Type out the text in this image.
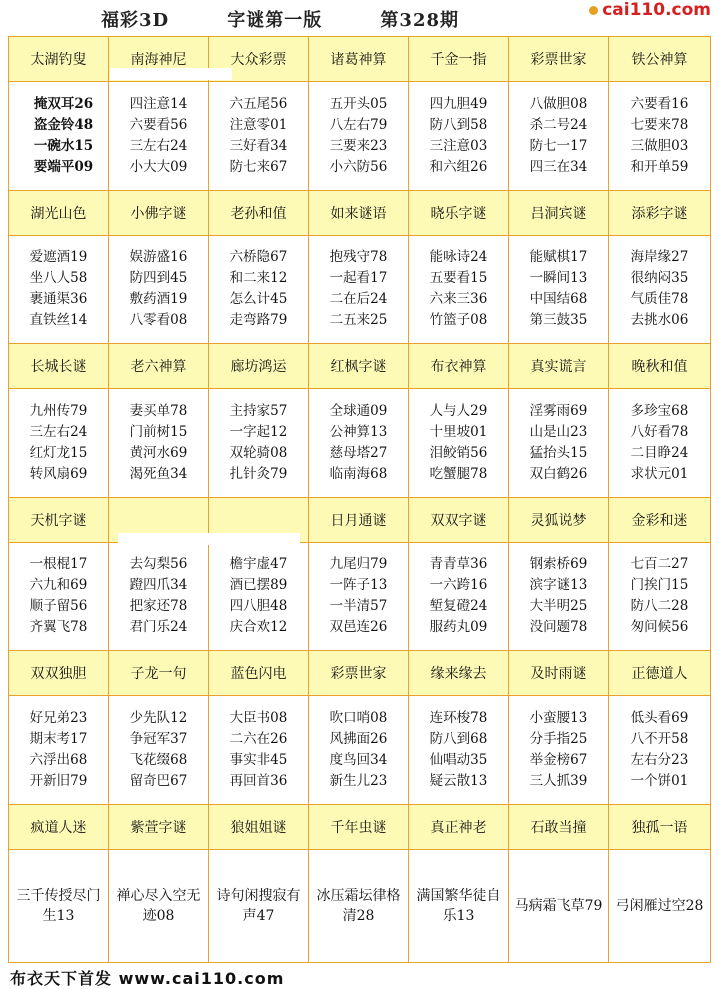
福彩3D	字谜第一版	第328期	cai110.com
太湖钓叟	南海神尼	大众彩票	诸葛神算	千金一指	彩票世家	铁公神算

掩双耳26
盗金铃48
一碗水15
要端平09	四注意14
六要看56
三左右24
小大大09	六五尾56
注意零01
三好看34
防七来67	五开头05
八左右79
三要来23
小六防56	四九胆49
防八到58
三注意03
和六组26	八做胆08
杀二号24
防七一17
四三在34	六要看16
七要来78
三做胆03
和开单59

湖光山色	小佛字谜	老孙和值	如来谜语	晓乐字谜	吕洞宾谜	添彩字谜

爱遮酒19
坐八人58
裹通渠36
直铁丝14	娱游盛16
防四到45
敷药酒19
八零看08	六桥隐67
和二来12
怎么计45
走弯路79	抱残守78
一起看17
二在后24
二五来25	能咏诗24
五要看15
六来三36
竹篮子08	能赋棋17
一瞬间13
中国结68
第三鼓35	海岸缘27
很纳闷35
气质佳78
去挑水06

长城长谜	老六神算	廊坊鸿运	红枫字谜	布衣神算	真实谎言	晚秋和值

九州传79
三左右24
红灯龙15
转风扇69	妻买单78
门前树15
黄河水69
渴死鱼34	主持家57
一字起12
双轮骑08
扎针灸79	全球通09
公神算13
慈母塔27
临南海68	人与人29
十里坡01
泪鲛销56
吃蟹腿78	淫雾雨69
山是山23
猛抬头15
双白鹤26	多珍宝68
八好看78
二目睁24
求状元01

天机字谜			日月通谜	双双字谜	灵狐说梦	金彩和迷

一根棍17
六九和69
顺子留56
齐翼飞78	去勾梨56
蹬四爪34
把家还78
君门乐24	檐宇虚47
酒已摆89
四八胆48
庆合欢12	九尾归79
一阵子13
一半清57
双邑连26	青青草36
一六跨16
堑复磴24
服药丸09	钢索桥69
滨字谜13
大半明25
没问题78	七百二27
门挨门15
防八二28
匆问候56

双双独胆	子龙一句	蓝色闪电	彩票世家	缘来缘去	及时雨谜	正德道人

好兄弟23
期末考17
六浮出68
开新旧79	少先队12
争冠军37
飞花缀68
留奇巴67	大臣书08
二六在26
事实非45
再回首36	吹口哨08
风拂面26
度鸟回34
新生儿23	连环梭78
防八到68
仙唱动35
疑云散13	小蛮腰13
分手指25
举金榜67
三人抓39	低头看69
八不开58
左右分23
一个饼01

疯道人迷	紫萱字谜	狼姐姐谜	千年虫谜	真正神老	石敢当撞	独孤一语

三千传授尽门生13	禅心尽入空无迹08	诗句闲搜寂有声47	冰压霜坛律格清28	满国繁华徒自乐13	马病霜飞草79	弓闲雁过空28
布衣天下首发 www.cai110.com
